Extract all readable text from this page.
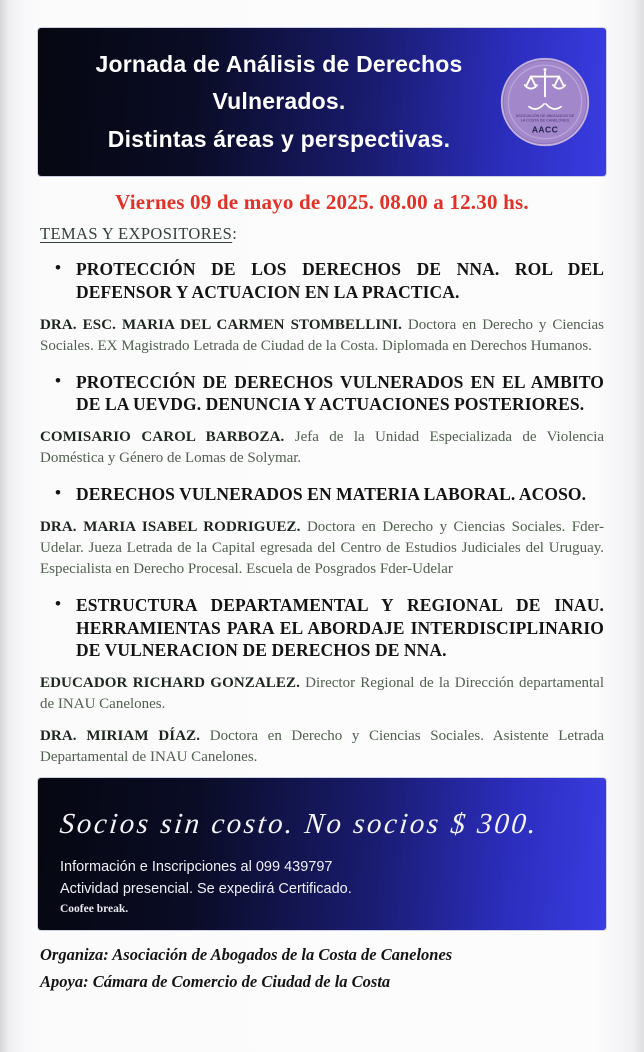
Jornada de Análisis de Derechos
Vulnerados.
Distintas áreas y perspectivas.
ASOCIACIÓN DE ABOGADOS DE
LA COSTA DE CANELONES
AACC
Viernes 09 de mayo de 2025. 08.00 a 12.30 hs.
TEMAS Y EXPOSITORES:
• PROTECCIÓN DE LOS DERECHOS DE NNA. ROL DEL DEFENSOR Y ACTUACION EN LA PRACTICA.

DRA. ESC. MARIA DEL CARMEN STOMBELLINI. Doctora en Derecho y Ciencias Sociales. EX Magistrado Letrada de Ciudad de la Costa. Diplomada en Derechos Humanos.

• PROTECCIÓN DE DERECHOS VULNERADOS EN EL AMBITO DE LA UEVDG. DENUNCIA Y ACTUACIONES POSTERIORES.

COMISARIO CAROL BARBOZA. Jefa de la Unidad Especializada de Violencia Doméstica y Género de Lomas de Solymar.

• DERECHOS VULNERADOS EN MATERIA LABORAL. ACOSO.

DRA. MARIA ISABEL RODRIGUEZ. Doctora en Derecho y Ciencias Sociales. Fder-Udelar. Jueza Letrada de la Capital egresada del Centro de Estudios Judiciales del Uruguay. Especialista en Derecho Procesal. Escuela de Posgrados Fder-Udelar

• ESTRUCTURA DEPARTAMENTAL Y REGIONAL DE INAU. HERRAMIENTAS PARA EL ABORDAJE INTERDISCIPLINARIO DE VULNERACION DE DERECHOS DE NNA.

EDUCADOR RICHARD GONZALEZ. Director Regional de la Dirección departamental de INAU Canelones.

DRA. MIRIAM DÍAZ. Doctora en Derecho y Ciencias Sociales. Asistente Letrada Departamental de INAU Canelones.

Socios sin costo. No socios $ 300.
Información e Inscripciones al 099 439797
Actividad presencial. Se expedirá Certificado.
Coofee break.
Organiza: Asociación de Abogados de la Costa de Canelones
Apoya: Cámara de Comercio de Ciudad de la Costa
